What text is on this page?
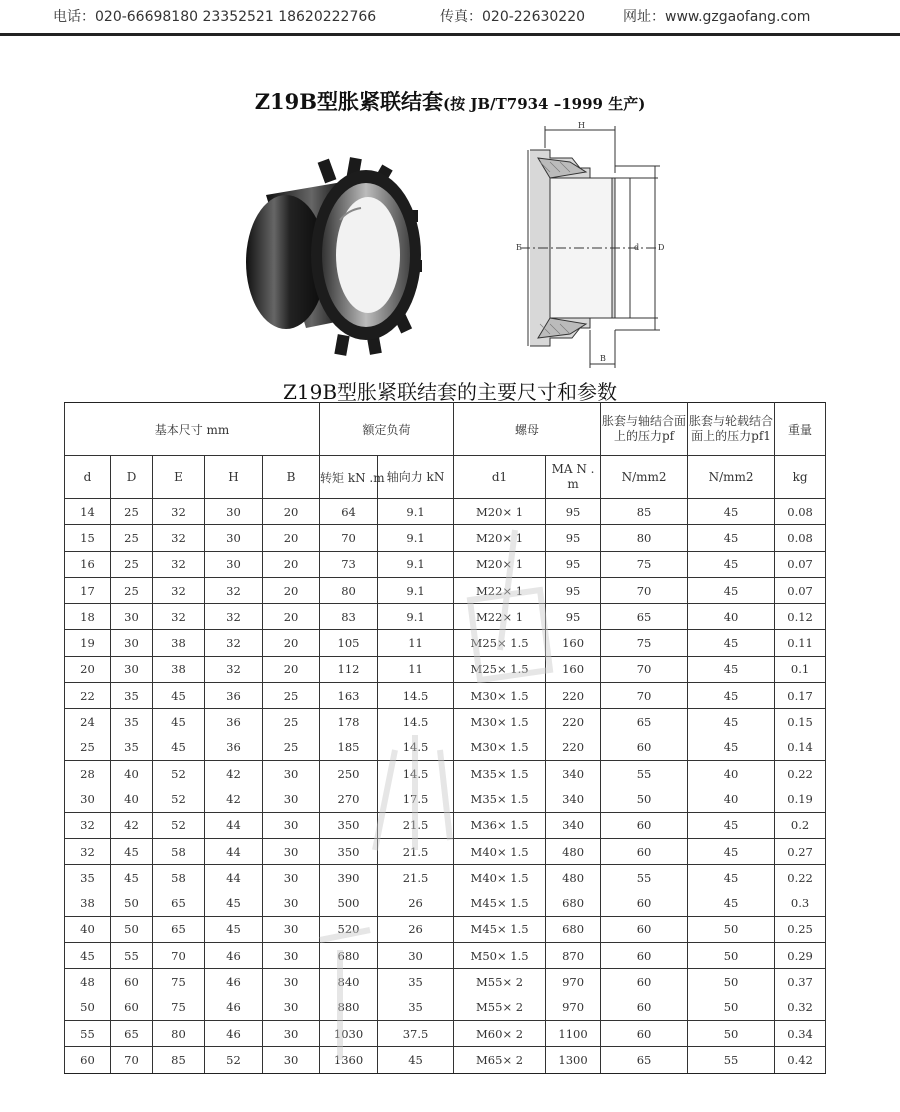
电话：020-66698180 23352521 18620222766	传真：020-22630220	网址：www.gzgaofang.com
Z19B型胀紧联结套(按 JB/T7934 –1999 生产)
H
E	d D
B
Z19B型胀紧联结套的主要尺寸和参数
基本尺寸 mm					额定负荷		螺母		胀套与轴结合面上的压力pf	胀套与轮载结合面上的压力pf1	重量
d	D	E	H	B	转矩 kN .m	轴向力 kN	d1	MA N . m	N/mm2	N/mm2	kg
14	25	32	30	20	64	9.1	M20× 1	95	85	45	0.08
15	25	32	30	20	70	9.1	M20× 1	95	80	45	0.08
16	25	32	30	20	73	9.1	M20× 1	95	75	45	0.07
17	25	32	32	20	80	9.1	M22× 1	95	70	45	0.07
18	30	32	32	20	83	9.1	M22× 1	95	65	40	0.12
19	30	38	32	20	105	11	M25× 1.5	160	75	45	0.11
20	30	38	32	20	112	11	M25× 1.5	160	70	45	0.1
22	35	45	36	25	163	14.5	M30× 1.5	220	70	45	0.17
24	35	45	36	25	178	14.5	M30× 1.5	220	65	45	0.15
25	35	45	36	25	185	14.5	M30× 1.5	220	60	45	0.14
28	40	52	42	30	250	14.5	M35× 1.5	340	55	40	0.22
30	40	52	42	30	270	17.5	M35× 1.5	340	50	40	0.19
32	42	52	44	30	350	21.5	M36× 1.5	340	60	45	0.2
32	45	58	44	30	350	21.5	M40× 1.5	480	60	45	0.27
35	45	58	44	30	390	21.5	M40× 1.5	480	55	45	0.22
38	50	65	45	30	500	26	M45× 1.5	680	60	45	0.3
40	50	65	45	30	520	26	M45× 1.5	680	60	50	0.25
45	55	70	46	30	680	30	M50× 1.5	870	60	50	0.29
48	60	75	46	30	840	35	M55× 2	970	60	50	0.37
50	60	75	46	30	880	35	M55× 2	970	60	50	0.32
55	65	80	46	30	1030	37.5	M60× 2	1100	60	50	0.34
60	70	85	52	30	1360	45	M65× 2	1300	65	55	0.42
